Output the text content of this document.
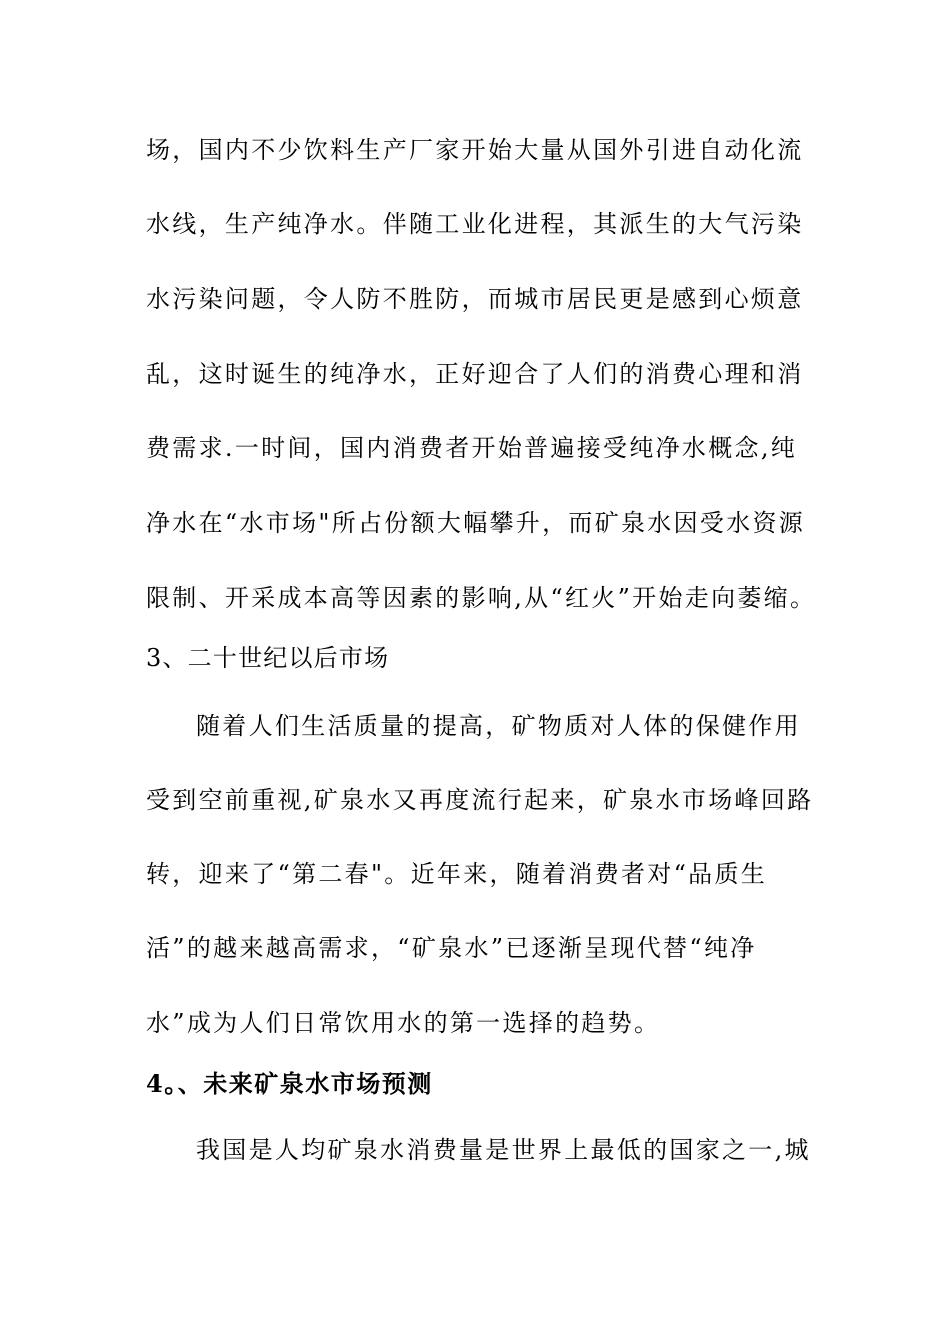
场，国内不少饮料生产厂家开始大量从国外引进自动化流
水线，生产纯净水。伴随工业化进程，其派生的大气污染
水污染问题，令人防不胜防，而城市居民更是感到心烦意
乱，这时诞生的纯净水，正好迎合了人们的消费心理和消
费需求.一时间，国内消费者开始普遍接受纯净水概念,纯
净水在“水市场"所占份额大幅攀升，而矿泉水因受水资源
限制、开采成本高等因素的影响,从“红火”开始走向萎缩。
3、二十世纪以后市场
随着人们生活质量的提高，矿物质对人体的保健作用
受到空前重视,矿泉水又再度流行起来，矿泉水市场峰回路
转，迎来了“第二春"。近年来，随着消费者对“品质生
活”的越来越高需求，“矿泉水”已逐渐呈现代替“纯净
水”成为人们日常饮用水的第一选择的趋势。
4。、未来矿泉水市场预测
我国是人均矿泉水消费量是世界上最低的国家之一,城
